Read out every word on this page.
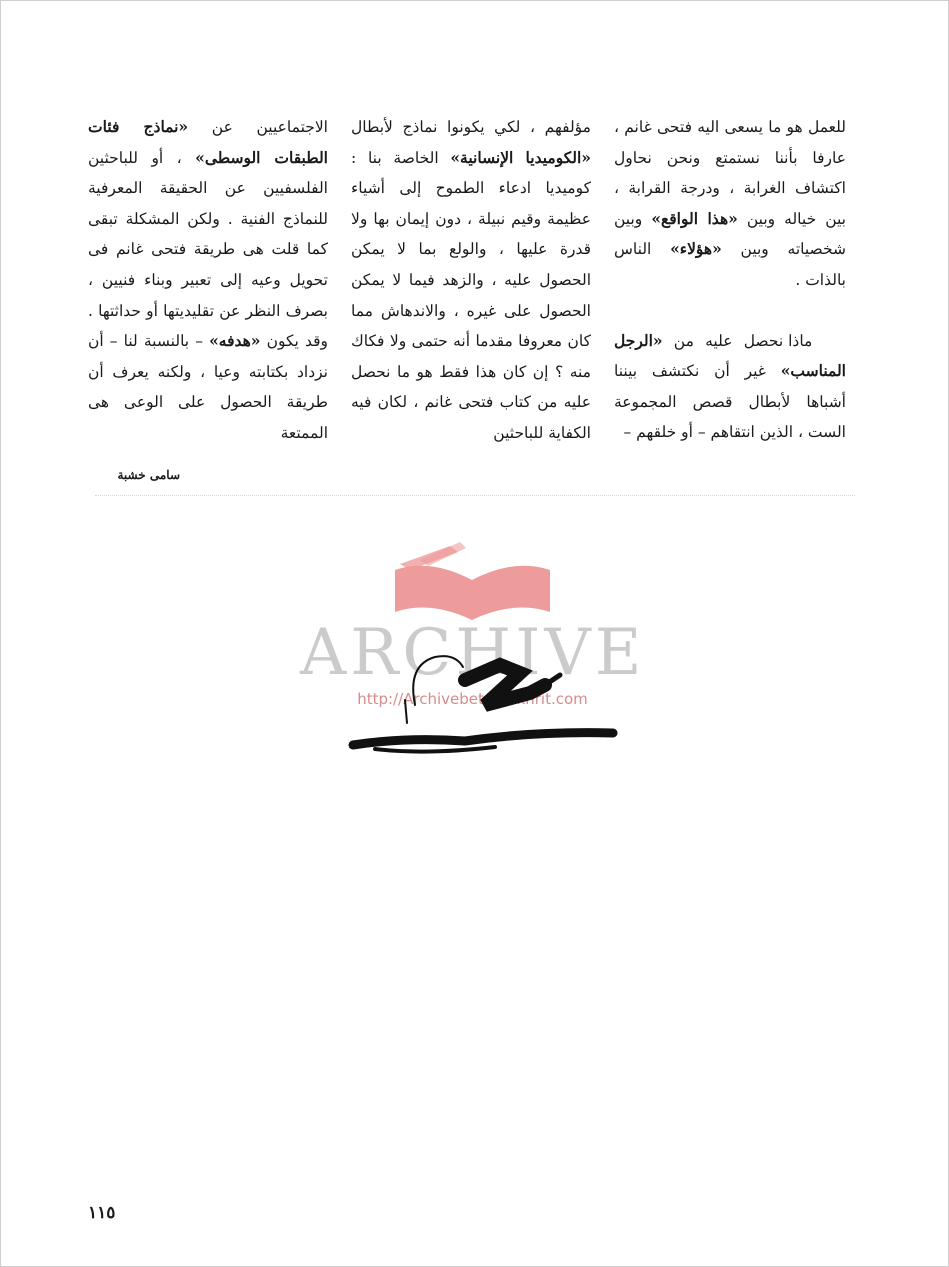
للعمل هو ما يسعى اليه فتحى غانم ، عارفا بأننا نستمتع ونحن نحاول اكتشاف الغرابة ، ودرجة القرابة ، بين خياله وبين «هذا الواقع» وبين شخصياته وبين «هؤلاء» الناس بالذات .

ماذا نحصل عليه من «الرجل المناسب» غير أن نكتشف بيننا أشباها لأبطال قصص المجموعة الست ، الذين انتقاهم – أو خلقهم –

مؤلفهم ، لكي يكونوا نماذج لأبطال «الكوميديا الإنسانية» الخاصة بنا : كوميديا ادعاء الطموح إلى أشياء عظيمة وقيم نبيلة ، دون إيمان بها ولا قدرة عليها ، والولع بما لا يمكن الحصول عليه ، والزهد فيما لا يمكن الحصول على غيره ، والاندهاش مما كان معروفا مقدما أنه حتمى ولا فكاك منه ؟ إن كان هذا فقط هو ما نحصل عليه من كتاب فتحى غانم ، لكان فيه الكفاية للباحثين

الاجتماعيين عن «نماذج فئات الطبقات الوسطى» ، أو للباحثين الفلسفيين عن الحقيقة المعرفية للنماذج الفنية . ولكن المشكلة تبقى كما قلت هى طريقة فتحى غانم فى تحويل وعيه إلى تعبير وبناء فنيين ، بصرف النظر عن تقليديتها أو حداثتها . وقد يكون «هدفه» – بالنسبة لنا – أن نزداد بكتابته وعيا ، ولكنه يعرف أن طريقة الحصول على الوعى هى الممتعة

سامى خشبة
ARCHIVE
http://Archivebeta.Sakhrit.com
١١٥
